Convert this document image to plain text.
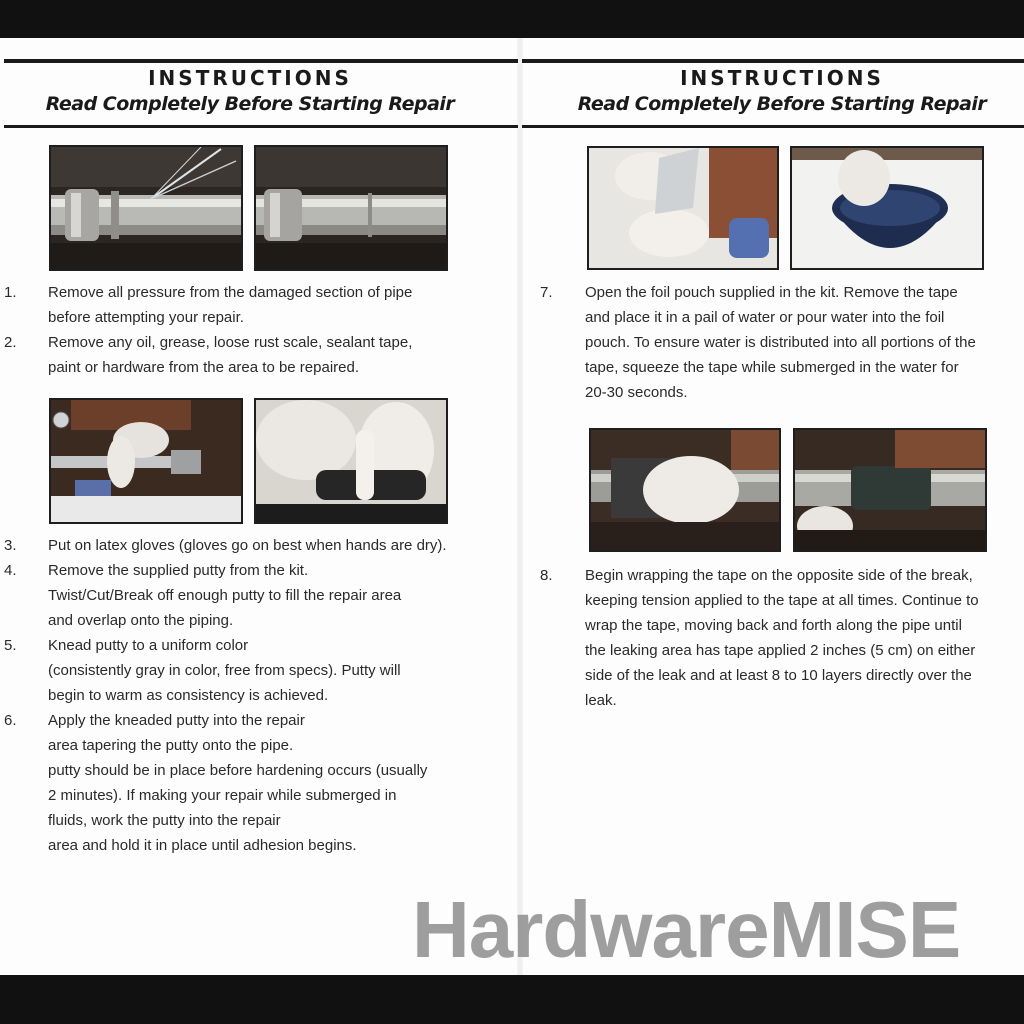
INSTRUCTIONS
Read Completely Before Starting Repair
1. Remove all pressure from the damaged section of pipe
before attempting your repair.
2. Remove any oil, grease, loose rust scale, sealant tape,
paint or hardware from the area to be repaired.
3. Put on latex gloves (gloves go on best when hands are dry).
4. Remove the supplied putty from the kit.
Twist/Cut/Break off enough putty to fill the repair area
and overlap onto the piping.
5. Knead putty to a uniform color
(consistently gray in color, free from specs). Putty will
begin to warm as consistency is achieved.
6. Apply the kneaded putty into the repair
area tapering the putty onto the pipe.
putty should be in place before hardening occurs (usually
2 minutes). If making your repair while submerged in
fluids, work the putty into the repair
area and hold it in place until adhesion begins.
INSTRUCTIONS
Read Completely Before Starting Repair
7. Open the foil pouch supplied in the kit. Remove the tape
and place it in a pail of water or pour water into the foil
pouch. To ensure water is distributed into all portions of the
tape, squeeze the tape while submerged in the water for
20-30 seconds.
8. Begin wrapping the tape on the opposite side of the break,
keeping tension applied to the tape at all times. Continue to
wrap the tape, moving back and forth along the pipe until
the leaking area has tape applied 2 inches (5 cm) on either
side of the leak and at least 8 to 10 layers directly over the
leak.
HardwareMISE
